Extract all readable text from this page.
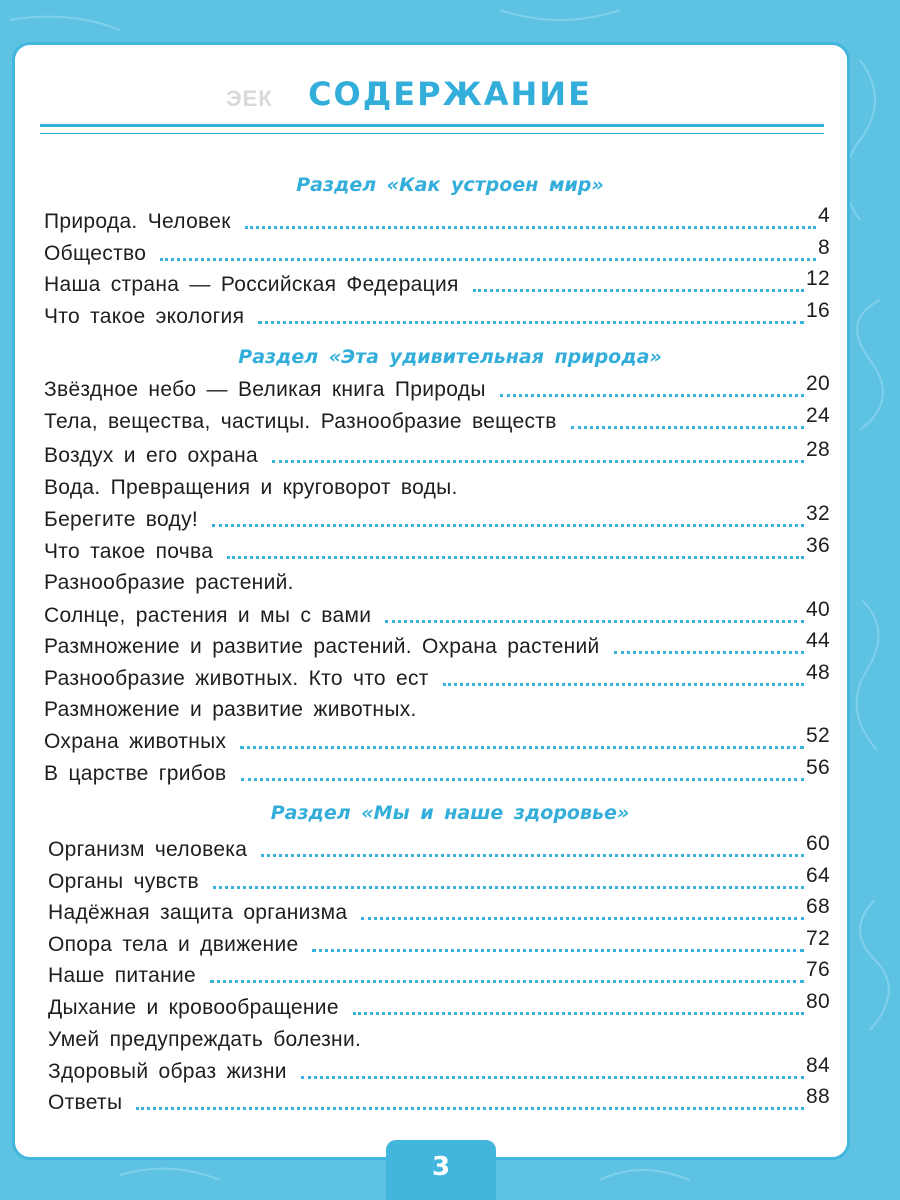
ЭЕК	СОДЕРЖАНИЕ
Раздел «Как устроен мир»
Природа. Человек	4
Общество	8
Наша страна — Российская Федерация	12
Что такое экология	16
Раздел «Эта удивительная природа»
Звёздное небо — Великая книга Природы	20
Тела, вещества, частицы. Разнообразие веществ	24
Воздух и его охрана	28
Вода. Превращения и круговорот воды.
Берегите воду!	32
Что такое почва	36
Разнообразие растений.
Солнце, растения и мы с вами	40
Размножение и развитие растений. Охрана растений	44
Разнообразие животных. Кто что ест	48
Размножение и развитие животных.
Охрана животных	52
В царстве грибов	56
Раздел «Мы и наше здоровье»
Организм человека	60
Органы чувств	64
Надёжная защита организма	68
Опора тела и движение	72
Наше питание	76
Дыхание и кровообращение	80
Умей предупреждать болезни.
Здоровый образ жизни	84
Ответы	88
3
